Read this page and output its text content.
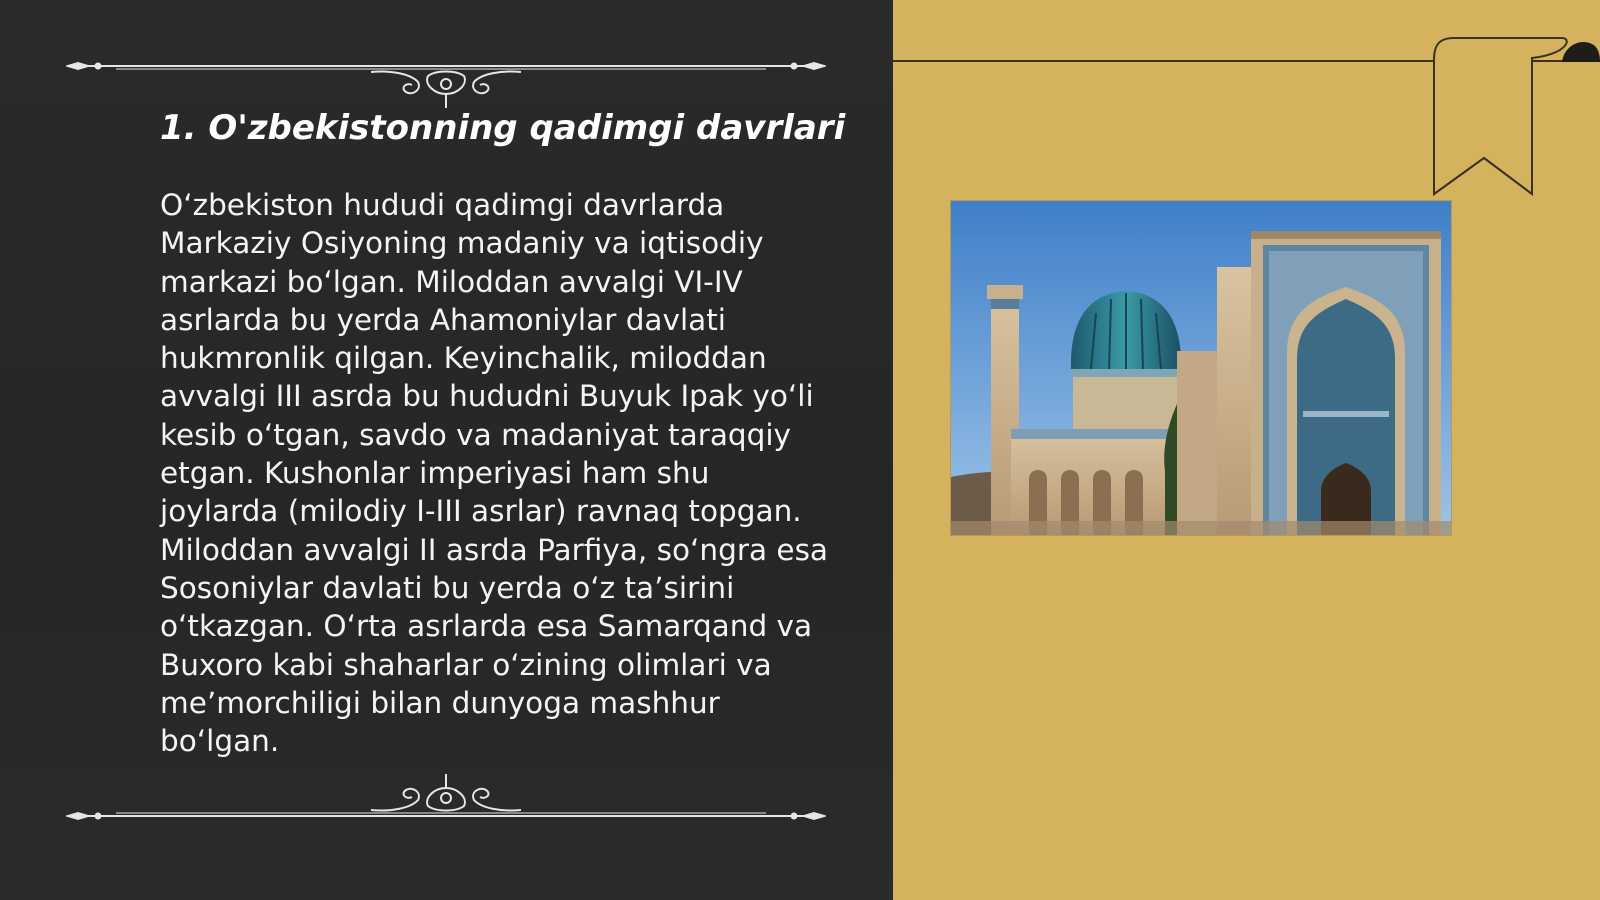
1. O'zbekistonning qadimgi davrlari

O‘zbekiston hududi qadimgi davrlarda
Markaziy Osiyoning madaniy va iqtisodiy
markazi bo‘lgan. Miloddan avvalgi VI-IV
asrlarda bu yerda Ahamoniylar davlati
hukmronlik qilgan. Keyinchalik, miloddan
avvalgi III asrda bu hududni Buyuk Ipak yo‘li
kesib o‘tgan, savdo va madaniyat taraqqiy
etgan. Kushonlar imperiyasi ham shu
joylarda (milodiy I-III asrlar) ravnaq topgan.
Miloddan avvalgi II asrda Parfiya, so‘ngra esa
Sosoniylar davlati bu yerda o‘z ta’sirini
o‘tkazgan. O‘rta asrlarda esa Samarqand va
Buxoro kabi shaharlar o‘zining olimlari va
me’morchiligi bilan dunyoga mashhur
bo‘lgan.
